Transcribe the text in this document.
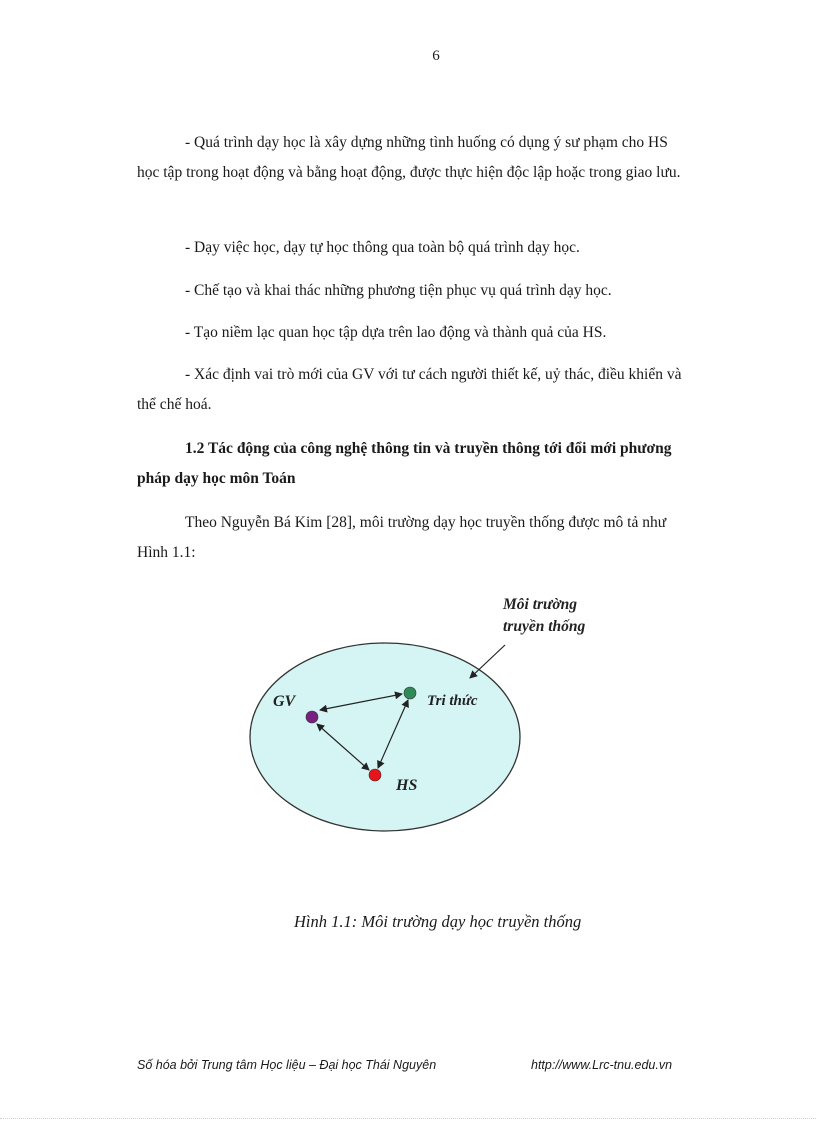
6

- Quá trình dạy học là xây dựng những tình huống có dụng ý sư phạm cho HS học tập trong hoạt động và bằng hoạt động, được thực hiện độc lập hoặc trong giao lưu.

- Dạy việc học, dạy tự học thông qua toàn bộ quá trình dạy học.

- Chế tạo và khai thác những phương tiện phục vụ quá trình dạy học.

- Tạo niềm lạc quan học tập dựa trên lao động và thành quả của HS.

- Xác định vai trò mới của GV với tư cách người thiết kế, uỷ thác, điều khiển và thể chế hoá.

1.2 Tác động của công nghệ thông tin và truyền thông tới đổi mới phương pháp dạy học môn Toán

Theo Nguyễn Bá Kim [28], môi trường dạy học truyền thống được mô tả như Hình 1.1:

Môi trường
truyền thống
GV	Tri thức
HS
Hình 1.1: Môi trường dạy học truyền thống
Số hóa bởi Trung tâm Học liệu – Đại học Thái Nguyên	http://www.Lrc-tnu.edu.vn
